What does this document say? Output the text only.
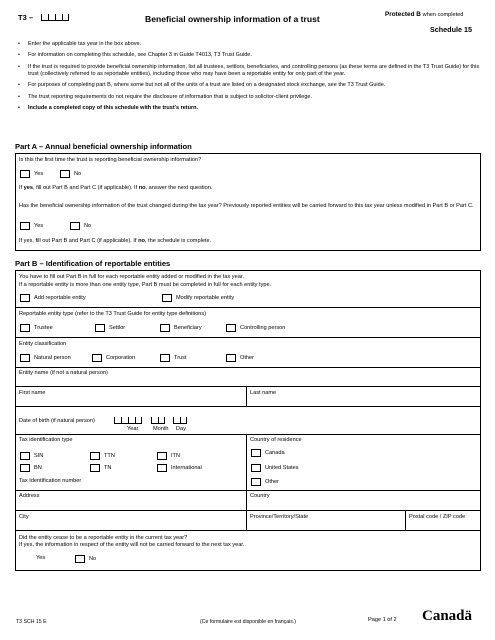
T3 –	Beneficial ownership information of a trust	Protected B when completed
Schedule 15
• Enter the applicable tax year in the box above.
• For information on completing this schedule, see Chapter 3 in Guide T4013, T3 Trust Guide.
• If the trust is required to provide beneficial ownership information, list all trustees, settlors, beneficiaries, and controlling persons (as these terms are defined in the T3 Trust Guide) for this trust (collectively referred to as reportable entities), including those who may have been a reportable entity for only part of the year.
• For purposes of completing part B, where some but not all of the units of a trust are listed on a designated stock exchange, see the T3 Trust Guide.
• The trust reporting requirements do not require the disclosure of information that is subject to solicitor-client privilege.
• Include a completed copy of this schedule with the trust's return.
Part A – Annual beneficial ownership information
Is this the first time the trust is reporting beneficial ownership information?
Yes	No
If yes, fill out Part B and Part C (if applicable). If no, answer the next question.
Has the beneficial ownership information of the trust changed during the tax year? Previously reported entities will be carried forward to this tax year unless modified in Part B or Part C.
Yes	No
If yes, fill out Part B and Part C (if applicable). If no, the schedule is complete.
Part B – Identification of reportable entities
You have to fill out Part B in full for each reportable entity added or modified in the tax year.
If a reportable entity is more than one entity type, Part B must be completed in full for each entity type.
Add reportable entity	Modify reportable entity
Reportable entity type (refer to the T3 Trust Guide for entity type definitions)
Trustee	Settlor	Beneficiary	Controlling person
Entity classification
Natural person	Corporation	Trust	Other
Entity name (if not a natural person)
First name	Last name
Date of birth (if natural person)
Year	Month Day
Tax identification type
SIN	TTN	ITN
BN	TN	International
Tax Identification number
Country of residence
Canada
United States
Other
Address	Country
City	Province/Territory/State	Postal code / ZIP code
Did the entity cease to be a reportable entity in the current tax year?
If yes, the information in respect of the entity will not be carried forward to the next tax year.
Yes	No
T3 SCH 15 E	(Ce formulaire est disponible en français.)	Page 1 of 2 Canadä
